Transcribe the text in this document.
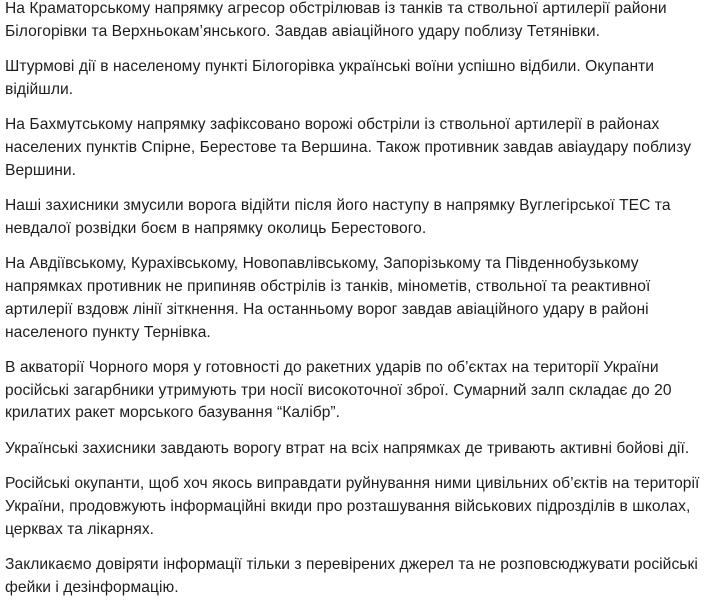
На Краматорському напрямку агресор обстрілював із танків та ствольної артилерії райони Білогорівки та Верхньокам’янського. Завдав авіаційного удару поблизу Тетянівки.

Штурмові дії в населеному пункті Білогорівка українські воїни успішно відбили. Окупанти відійшли.

На Бахмутському напрямку зафіксовано ворожі обстріли із ствольної артилерії в районах населених пунктів Спірне, Берестове та Вершина. Також противник завдав авіаудару поблизу Вершини.

Наші захисники змусили ворога відійти після його наступу в напрямку Вуглегірської ТЕС та невдалої розвідки боєм в напрямку околиць Берестового.

На Авдіївському, Курахівському, Новопавлівському, Запорізькому та Південнобузькому напрямках противник не припиняв обстрілів із танків, мінометів, ствольної та реактивної артилерії вздовж лінії зіткнення. На останньому ворог завдав авіаційного удару в районі населеного пункту Тернівка.

В акваторії Чорного моря у готовності до ракетних ударів по об’єктах на території України російські загарбники утримують три носії високоточної зброї. Сумарний залп складає до 20 крилатих ракет морського базування “Калібр”.

Українські захисники завдають ворогу втрат на всіх напрямках де тривають активні бойові дії.

Російські окупанти, щоб хоч якось виправдати руйнування ними цивільних об’єктів на території України, продовжують інформаційні вкиди про розташування військових підрозділів в школах, церквах та лікарнях.

Закликаємо довіряти інформації тільки з перевірених джерел та не розповсюджувати російські фейки і дезінформацію.
